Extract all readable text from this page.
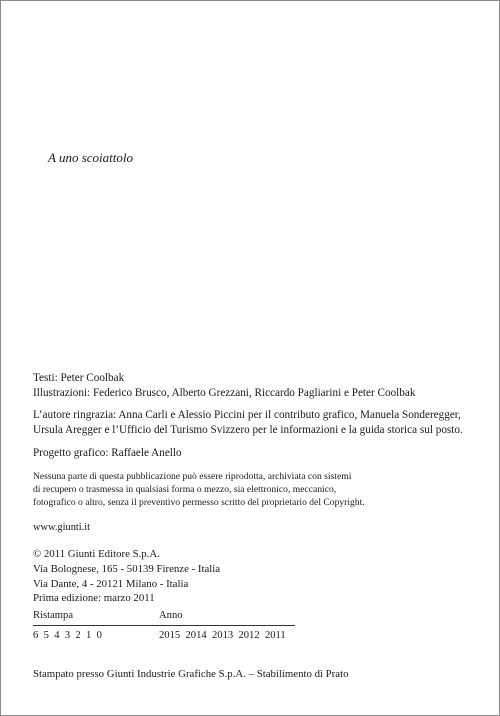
A uno scoiattolo
Testi: Peter Coolbak
Illustrazioni: Federico Brusco, Alberto Grezzani, Riccardo Pagliarini e Peter Coolbak
L’autore ringrazia: Anna Carli e Alessio Piccini per il contributo grafico, Manuela Sonderegger,
Ursula Aregger e l’Ufficio del Turismo Svizzero per le informazioni e la guida storica sul posto.
Progetto grafico: Raffaele Anello
Nessuna parte di questa pubblicazione può essere riprodotta, archiviata con sistemi
di recupero o trasmessa in qualsiasi forma o mezzo, sia elettronico, meccanico,
fotografico o altro, senza il preventivo permesso scritto del proprietario del Copyright.
www.giunti.it
© 2011 Giunti Editore S.p.A.
Via Bolognese, 165 - 50139 Firenze - Italia
Via Dante, 4 - 20121 Milano - Italia
Prima edizione: marzo 2011
Ristampa	Anno
6  5  4  3  2  1  0	2015  2014  2013  2012  2011
Stampato presso Giunti Industrie Grafiche S.p.A. – Stabilimento di Prato
